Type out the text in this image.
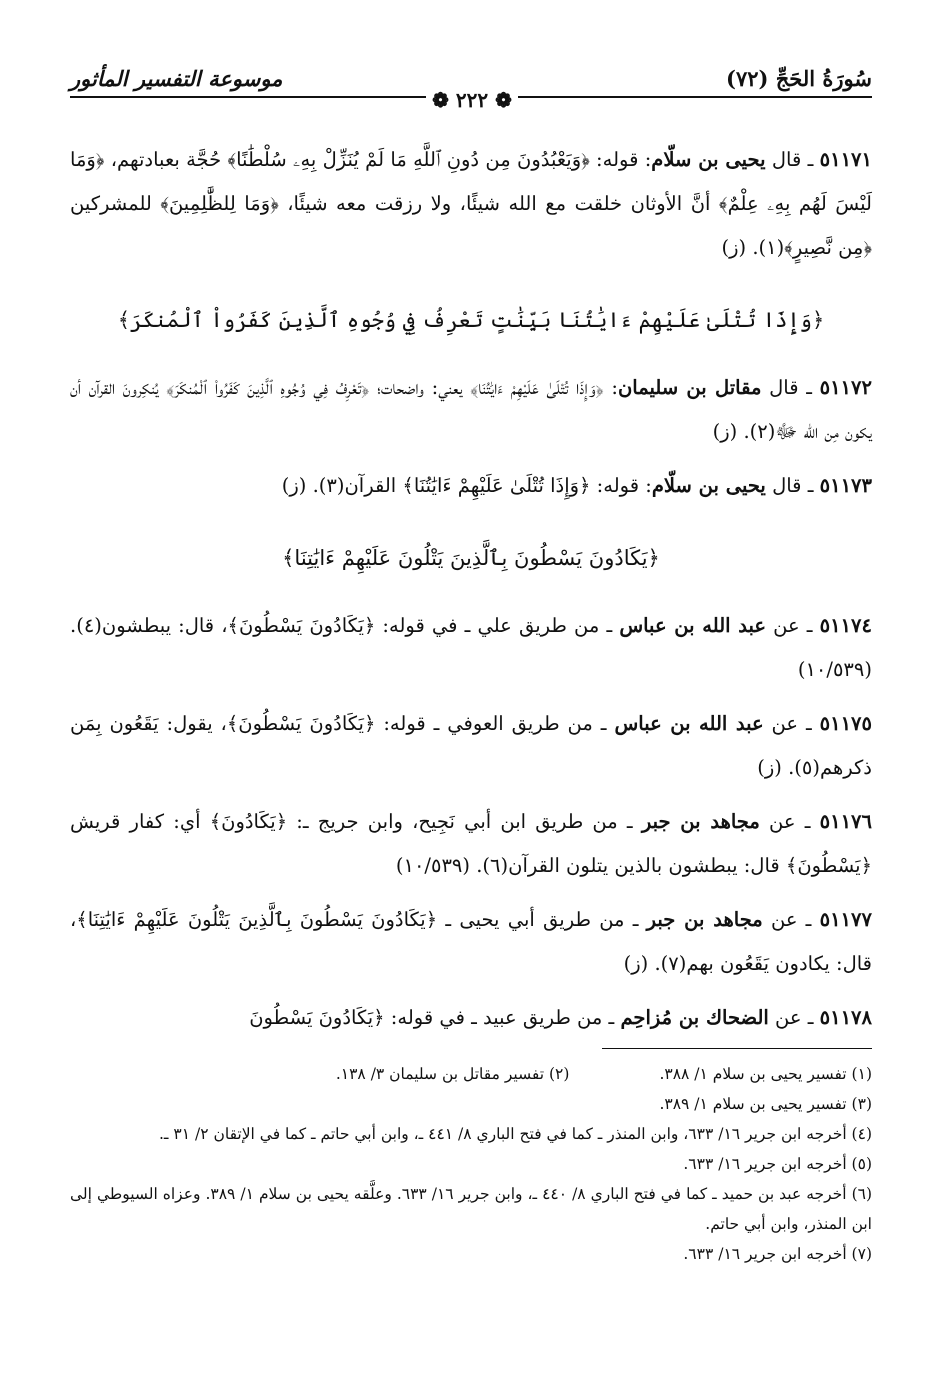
سُورَةُ الحَجِّ (٧٢)
موسوعة التفسير المأثور
❁ ٢٢٢ ❁

٥١١٧١ ـ قال يحيى بن سلّام: قوله: ﴿وَيَعْبُدُونَ مِن دُونِ ٱللَّهِ مَا لَمْ يُنَزِّلْ بِهِۦ سُلْطَٰنًا﴾ حُجَّة بعبادتهم، ﴿وَمَا لَيْسَ لَهُم بِهِۦ عِلْمٌ﴾ أنَّ الأوثان خلقت مع الله شيئًا، ولا رزقت معه شيئًا، ﴿وَمَا لِلظَّٰلِمِينَ﴾ للمشركين ﴿مِن نَّصِيرٍ﴾(١). (ز)

﴿وَإِذَا تُتْلَىٰ عَلَيْهِمْ ءَايَٰتُنَا بَيِّنَٰتٍ تَعْرِفُ فِي وُجُوهِ ٱلَّذِينَ كَفَرُواْ ٱلْمُنكَرَ﴾

٥١١٧٢ ـ قال مقاتل بن سليمان: ﴿وَإِذَا تُتْلَىٰ عَلَيْهِمْ ءَايَٰتُنَا﴾ يعني: واضحات؛ ﴿تَعْرِفُ فِي وُجُوهِ ٱلَّذِينَ كَفَرُواْ ٱلْمُنكَرَ﴾ يُنكِرونَ القرآن أن يكون مِن الله ﷻ(٢). (ز)

٥١١٧٣ ـ قال يحيى بن سلّام: قوله: ﴿وَإِذَا تُتْلَىٰ عَلَيْهِمْ ءَايَٰتُنَا﴾ القرآن(٣). (ز)

﴿يَكَادُونَ يَسْطُونَ بِٱلَّذِينَ يَتْلُونَ عَلَيْهِمْ ءَايَٰتِنَا﴾

٥١١٧٤ ـ عن عبد الله بن عباس ـ من طريق علي ـ في قوله: ﴿يَكَادُونَ يَسْطُونَ﴾، قال: يبطشون(٤). (١٠/٥٣٩)

٥١١٧٥ ـ عن عبد الله بن عباس ـ من طريق العوفي ـ قوله: ﴿يَكَادُونَ يَسْطُونَ﴾، يقول: يَقَعُون بِمَن ذكرهم(٥). (ز)

٥١١٧٦ ـ عن مجاهد بن جبر ـ من طريق ابن أبي نَجِيح، وابن جريج ـ: ﴿يَكَادُونَ﴾ أي: كفار قريش ﴿يَسْطُونَ﴾ قال: يبطشون بالذين يتلون القرآن(٦). (١٠/٥٣٩)

٥١١٧٧ ـ عن مجاهد بن جبر ـ من طريق أبي يحيى ـ ﴿يَكَادُونَ يَسْطُونَ بِٱلَّذِينَ يَتْلُونَ عَلَيْهِمْ ءَايَٰتِنَا﴾، قال: يكادون يَقَعُون بهم(٧). (ز)

٥١١٧٨ ـ عن الضحاك بن مُزاحِم ـ من طريق عبيد ـ في قوله: ﴿يَكَادُونَ يَسْطُونَ

(١) تفسير يحيى بن سلام ١/ ٣٨٨.

(٢) تفسير مقاتل بن سليمان ٣/ ١٣٨.

(٣) تفسير يحيى بن سلام ١/ ٣٨٩.

(٤) أخرجه ابن جرير ١٦/ ٦٣٣، وابن المنذر ـ كما في فتح الباري ٨/ ٤٤١ ـ، وابن أبي حاتم ـ كما في الإتقان ٢/ ٣١ ـ.

(٥) أخرجه ابن جرير ١٦/ ٦٣٣.

(٦) أخرجه عبد بن حميد ـ كما في فتح الباري ٨/ ٤٤٠ ـ، وابن جرير ١٦/ ٦٣٣. وعلَّقه يحيى بن سلام ١/ ٣٨٩. وعزاه السيوطي إلى ابن المنذر، وابن أبي حاتم.

(٧) أخرجه ابن جرير ١٦/ ٦٣٣.
